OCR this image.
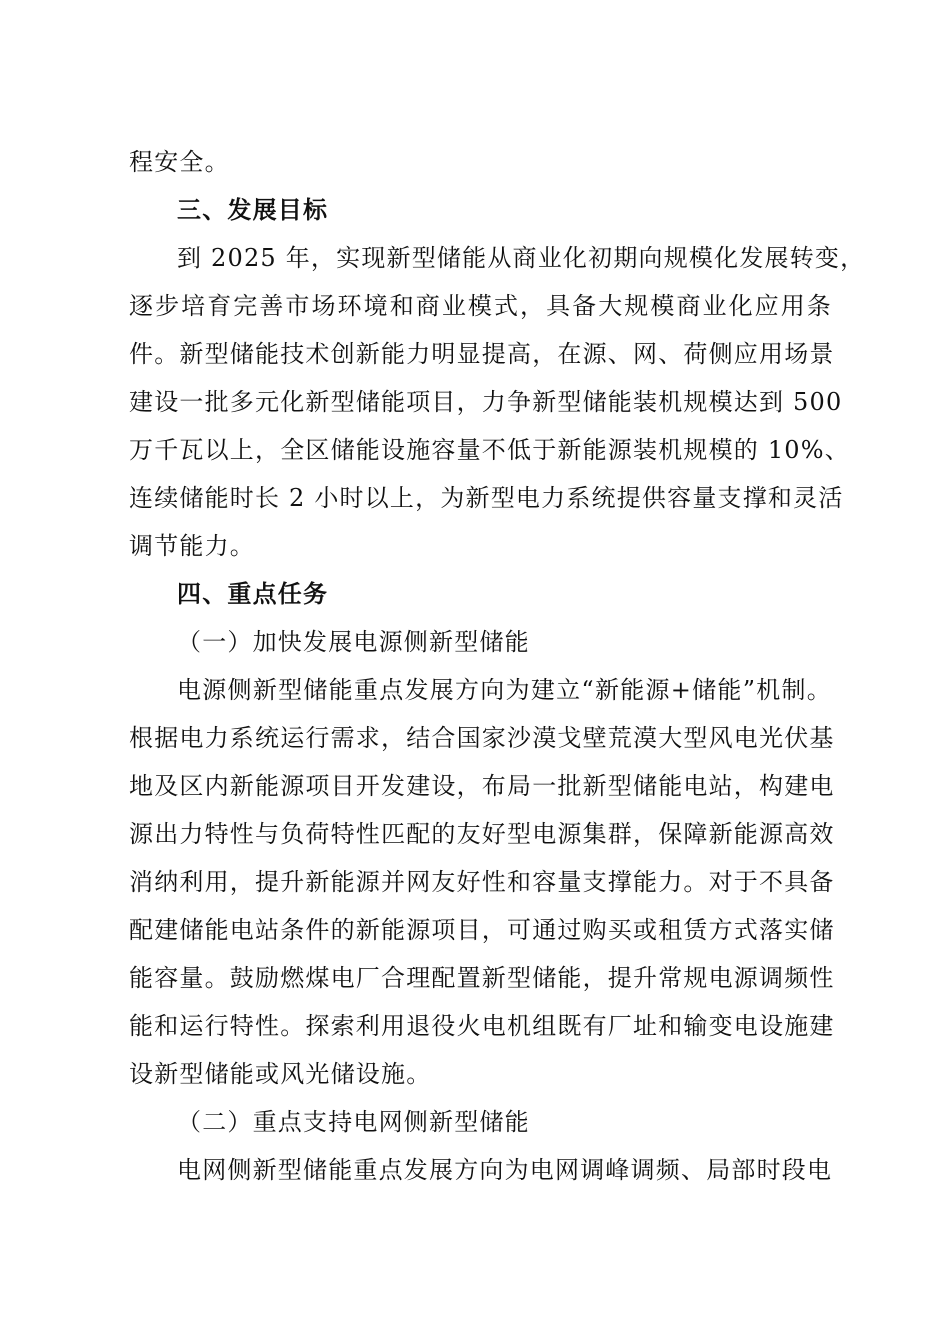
程安全。
三、发展目标
到 2025 年，实现新型储能从商业化初期向规模化发展转变，
逐步培育完善市场环境和商业模式，具备大规模商业化应用条
件。新型储能技术创新能力明显提高，在源、网、荷侧应用场景
建设一批多元化新型储能项目，力争新型储能装机规模达到 500
万千瓦以上，全区储能设施容量不低于新能源装机规模的 10%、
连续储能时长 2 小时以上，为新型电力系统提供容量支撑和灵活
调节能力。
四、重点任务
（一）加快发展电源侧新型储能
电源侧新型储能重点发展方向为建立“新能源+储能”机制。
根据电力系统运行需求，结合国家沙漠戈壁荒漠大型风电光伏基
地及区内新能源项目开发建设，布局一批新型储能电站，构建电
源出力特性与负荷特性匹配的友好型电源集群，保障新能源高效
消纳利用，提升新能源并网友好性和容量支撑能力。对于不具备
配建储能电站条件的新能源项目，可通过购买或租赁方式落实储
能容量。鼓励燃煤电厂合理配置新型储能，提升常规电源调频性
能和运行特性。探索利用退役火电机组既有厂址和输变电设施建
设新型储能或风光储设施。
（二）重点支持电网侧新型储能
电网侧新型储能重点发展方向为电网调峰调频、局部时段电
